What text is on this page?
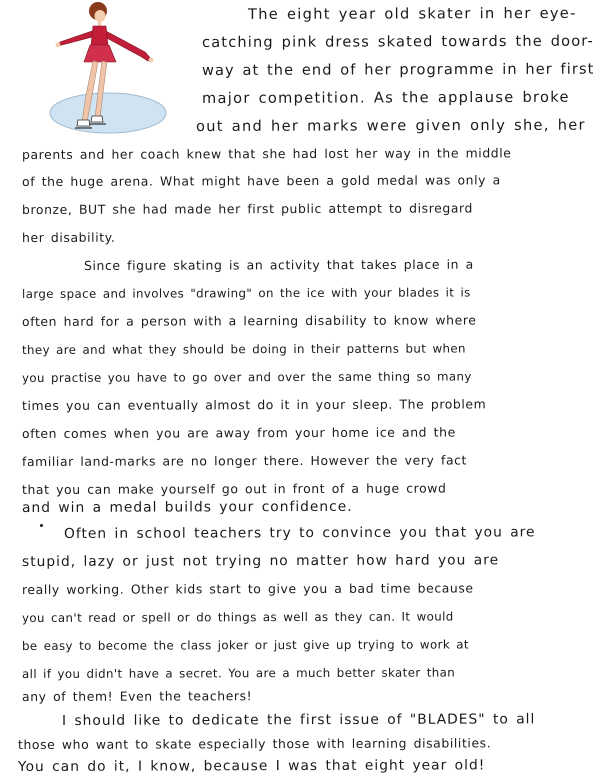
The eight year old skater in her eye-
catching pink dress skated towards the door-
way at the end of her programme in her first
major competition. As the applause broke
out and her marks were given only she, her
parents and her coach knew that she had lost her way in the middle
of the huge arena. What might have been a gold medal was only a
bronze, BUT she had made her first public attempt to disregard
her disability.
Since figure skating is an activity that takes place in a
large space and involves "drawing" on the ice with your blades it is
often hard for a person with a learning disability to know where
they are and what they should be doing in their patterns but when
you practise you have to go over and over the same thing so many
times you can eventually almost do it in your sleep. The problem
often comes when you are away from your home ice and the
familiar land-marks are no longer there. However the very fact
that you can make yourself go out in front of a huge crowd
and win a medal builds your confidence.
Often in school teachers try to convince you that you are
stupid, lazy or just not trying no matter how hard you are
really working. Other kids start to give you a bad time because
you can't read or spell or do things as well as they can. It would
be easy to become the class joker or just give up trying to work at
all if you didn't have a secret. You are a much better skater than
any of them! Even the teachers!
I should like to dedicate the first issue of "BLADES" to all
those who want to skate especially those with learning disabilities.
You can do it, I know, because I was that eight year old!
